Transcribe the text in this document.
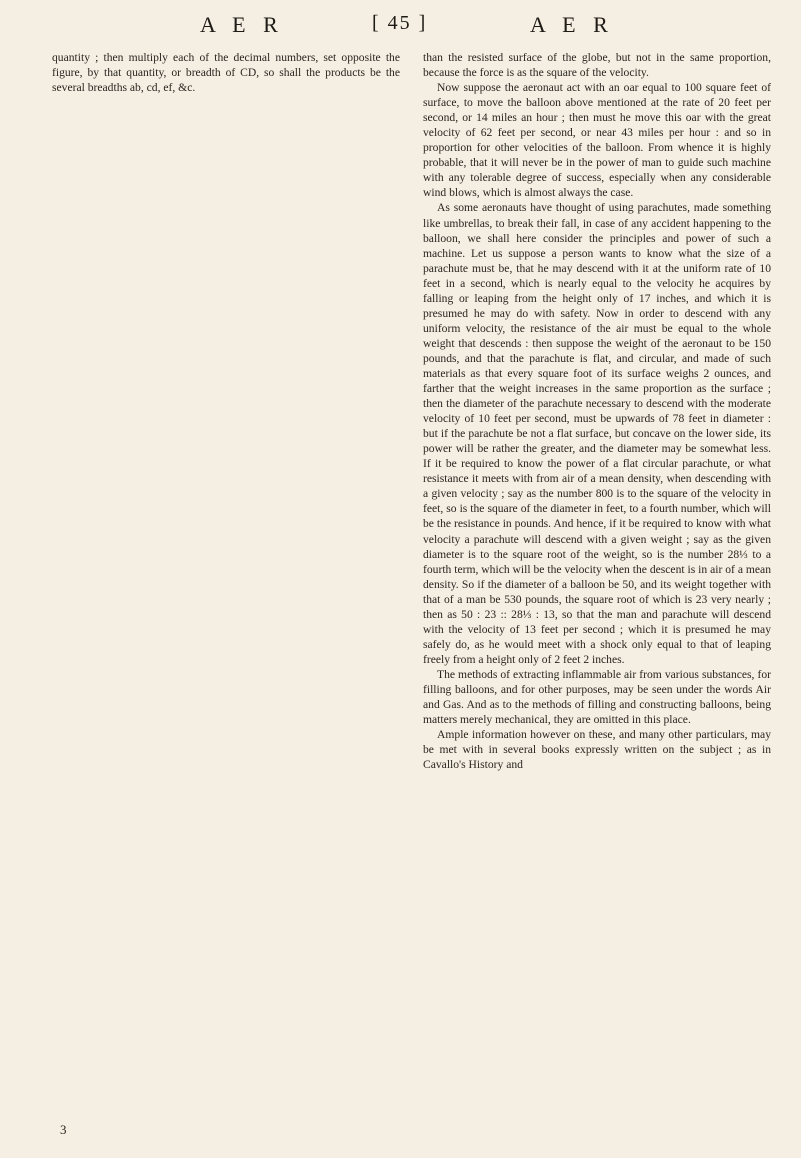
A E R	[ 45 ]	A E R

quantity ; then multiply each of the decimal numbers, set opposite the figure, by that quantity, or breadth of CD, so shall the products be the several breadths ab, cd, ef, &c.

than the resisted surface of the globe, but not in the same proportion, because the force is as the square of the velocity.

Now suppose the aeronaut act with an oar equal to 100 square feet of surface, to move the balloon above mentioned at the rate of 20 feet per second, or 14 miles an hour ; then must he move this oar with the great velocity of 62 feet per second, or near 43 miles per hour : and so in proportion for other velocities of the balloon. From whence it is highly probable, that it will never be in the power of man to guide such machine with any tolerable degree of success, especially when any considerable wind blows, which is almost always the case.

As some aeronauts have thought of using parachutes, made something like umbrellas, to break their fall, in case of any accident happening to the balloon, we shall here consider the principles and power of such a machine. Let us suppose a person wants to know what the size of a parachute must be, that he may descend with it at the uniform rate of 10 feet in a second, which is nearly equal to the velocity he acquires by falling or leaping from the height only of 17 inches, and which it is presumed he may do with safety. Now in order to descend with any uniform velocity, the resistance of the air must be equal to the whole weight that descends : then suppose the weight of the aeronaut to be 150 pounds, and that the parachute is flat, and circular, and made of such materials as that every square foot of its surface weighs 2 ounces, and farther that the weight increases in the same proportion as the surface ; then the diameter of the parachute necessary to descend with the moderate velocity of 10 feet per second, must be upwards of 78 feet in diameter : but if the parachute be not a flat surface, but concave on the lower side, its power will be rather the greater, and the diameter may be somewhat less. If it be required to know the power of a flat circular parachute, or what resistance it meets with from air of a mean density, when descending with a given velocity ; say as the number 800 is to the square of the velocity in feet, so is the square of the diameter in feet, to a fourth number, which will be the resistance in pounds. And hence, if it be required to know with what velocity a parachute will descend with a given weight ; say as the given diameter is to the square root of the weight, so is the number 28⅓ to a fourth term, which will be the velocity when the descent is in air of a mean density. So if the diameter of a balloon be 50, and its weight together with that of a man be 530 pounds, the square root of which is 23 very nearly ; then as 50 : 23 :: 28⅓ : 13, so that the man and parachute will descend with the velocity of 13 feet per second ; which it is presumed he may safely do, as he would meet with a shock only equal to that of leaping freely from a height only of 2 feet 2 inches.

The methods of extracting inflammable air from various substances, for filling balloons, and for other purposes, may be seen under the words Air and Gas. And as to the methods of filling and constructing balloons, being matters merely mechanical, they are omitted in this place.

Ample information however on these, and many other particulars, may be met with in several books expressly written on the subject ; as in Cavallo's History and

3
